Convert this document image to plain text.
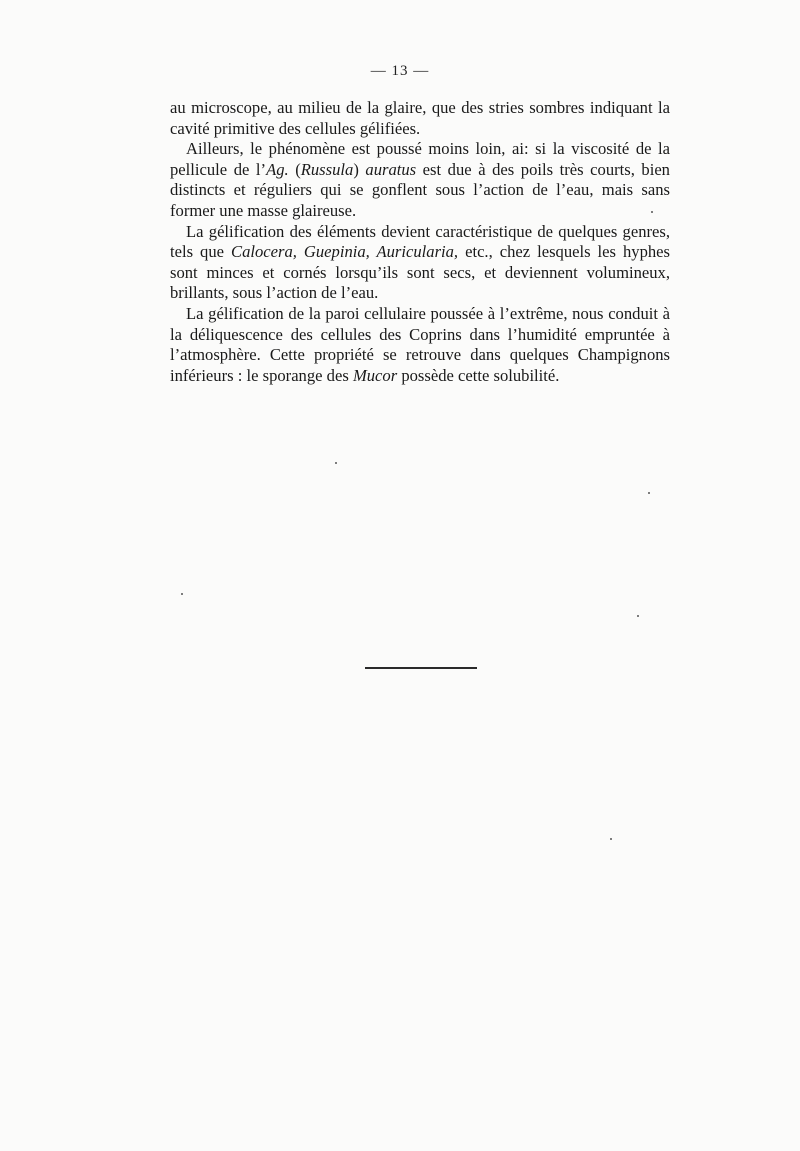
— 13 —

au microscope, au milieu de la glaire, que des stries sombres indiquant la cavité primitive des cellules gélifiées.

Ailleurs, le phénomène est poussé moins loin, ai: si la viscosité de la pellicule de l’Ag. (Russula) auratus est due à des poils très courts, bien distincts et réguliers qui se gonflent sous l’action de l’eau, mais sans former une masse glaireuse.

La gélification des éléments devient caractéristique de quelques genres, tels que Calocera, Guepinia, Auricularia, etc., chez lesquels les hyphes sont minces et cornés lorsqu’ils sont secs, et deviennent volumineux, brillants, sous l’action de l’eau.

La gélification de la paroi cellulaire poussée à l’extrême, nous conduit à la déliquescence des cellules des Coprins dans l’humidité empruntée à l’atmosphère. Cette propriété se retrouve dans quelques Champignons inférieurs : le sporange des Mucor possède cette solubilité.
